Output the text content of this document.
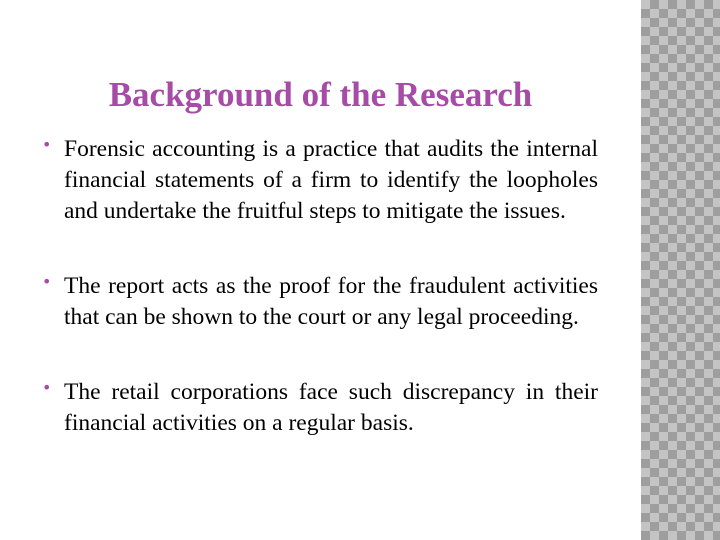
Background of the Research
• Forensic accounting is a practice that audits the internal financial statements of a firm to identify the loopholes and undertake the fruitful steps to mitigate the issues.
• The report acts as the proof for the fraudulent activities that can be shown to the court or any legal proceeding.
• The retail corporations face such discrepancy in their financial activities on a regular basis.
